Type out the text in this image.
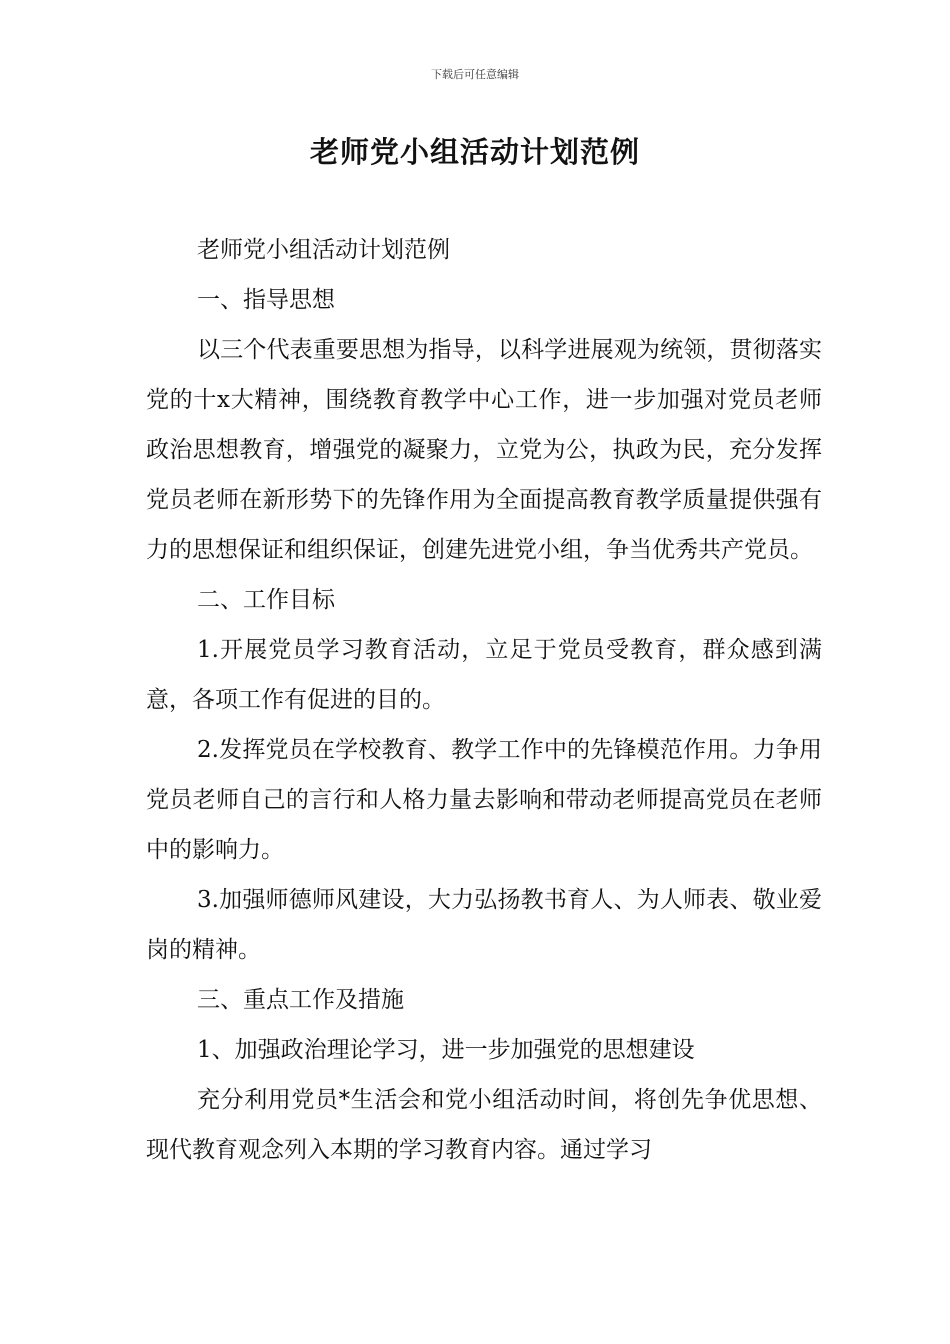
下载后可任意编辑
老师党小组活动计划范例

老师党小组活动计划范例

一、指导思想

以三个代表重要思想为指导，以科学进展观为统领，贯彻落实党的十x大精神，围绕教育教学中心工作，进一步加强对党员老师政治思想教育，增强党的凝聚力，立党为公，执政为民，充分发挥党员老师在新形势下的先锋作用为全面提高教育教学质量提供强有力的思想保证和组织保证，创建先进党小组，争当优秀共产党员。

二、工作目标

1.开展党员学习教育活动，立足于党员受教育，群众感到满意，各项工作有促进的目的。

2.发挥党员在学校教育、教学工作中的先锋模范作用。力争用党员老师自己的言行和人格力量去影响和带动老师提高党员在老师中的影响力。

3.加强师德师风建设，大力弘扬教书育人、为人师表、敬业爱岗的精神。

三、重点工作及措施

1、加强政治理论学习，进一步加强党的思想建设

充分利用党员*生活会和党小组活动时间，将创先争优思想、现代教育观念列入本期的学习教育内容。通过学习
